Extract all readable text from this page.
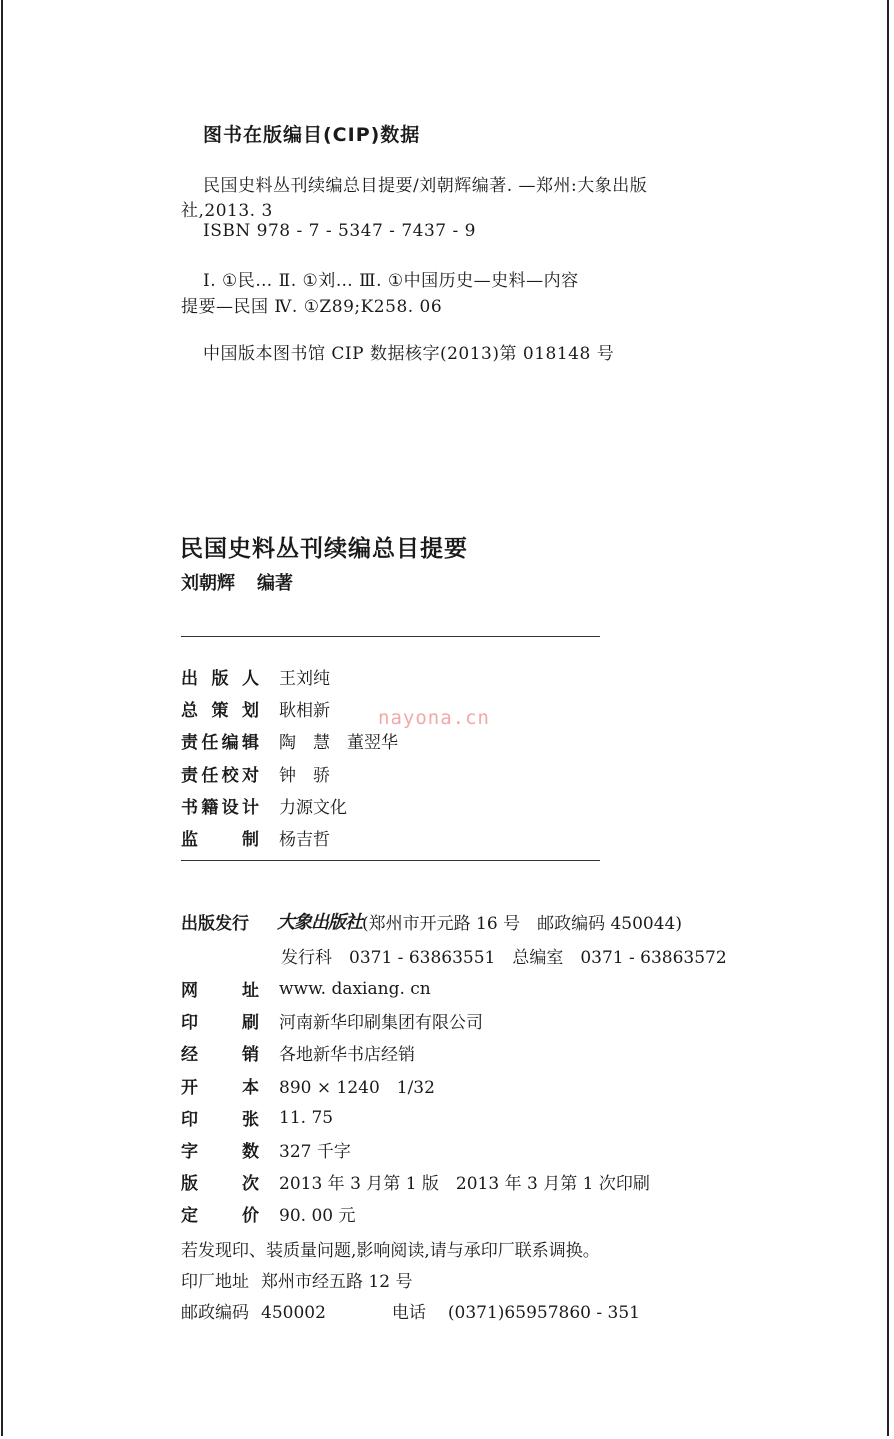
图书在版编目(CIP)数据
民国史料丛刊续编总目提要/刘朝辉编著. —郑州:大象出版
社,2013. 3
ISBN 978 - 7 - 5347 - 7437 - 9
Ⅰ. ①民… Ⅱ. ①刘… Ⅲ. ①中国历史—史料—内容
提要—民国 Ⅳ. ①Z89;K258. 06
中国版本图书馆 CIP 数据核字(2013)第 018148 号
民国史料丛刊续编总目提要
刘朝辉 编著
出 版 人 王刘纯
总 策 划 耿相新
责 任 编 辑 陶　慧　董翌华
责 任 校 对 钟　骄
书 籍 设 计 力源文化
监	制 杨吉哲
nayona.cn
出版发行 大象出版社 (郑州市开元路 16 号　邮政编码 450044)
发行科　0371 - 63863551　总编室　0371 - 63863572
网	址 www. daxiang. cn
印	刷 河南新华印刷集团有限公司
经	销 各地新华书店经销
开	本 890 × 1240　1/32
印	张 11. 75
字	数 327 千字
版	次 2013 年 3 月第 1 版　2013 年 3 月第 1 次印刷
定	价 90. 00 元
若发现印、装质量问题,影响阅读,请与承印厂联系调换。
印厂地址 郑州市经五路 12 号
邮政编码 450002	电话 (0371)65957860 - 351
